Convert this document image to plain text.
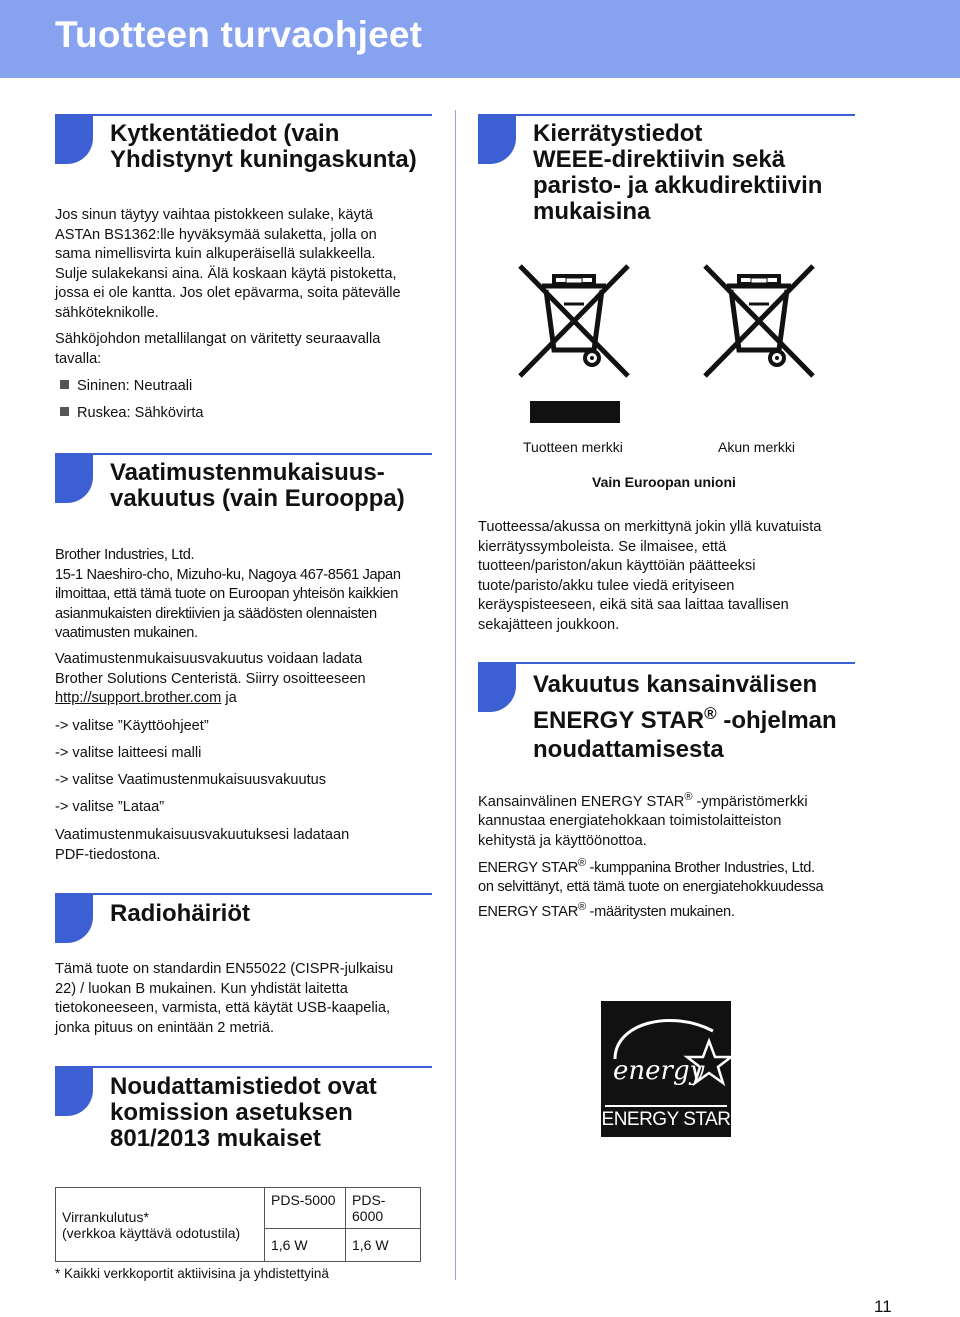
Tuotteen turvaohjeet
Kytkentätiedot (vain
Yhdistynyt kuningaskunta)
Jos sinun täytyy vaihtaa pistokkeen sulake, käytä
ASTAn BS1362:lle hyväksymää sulaketta, jolla on
sama nimellisvirta kuin alkuperäisellä sulakkeella.
Sulje sulakekansi aina. Älä koskaan käytä pistoketta,
jossa ei ole kantta. Jos olet epävarma, soita pätevälle
sähköteknikolle.
Sähköjohdon metallilangat on väritetty seuraavalla
tavalla:
Sininen: Neutraali
Ruskea: Sähkövirta
Vaatimustenmukaisuus-
vakuutus (vain Eurooppa)
Brother Industries, Ltd.
15-1 Naeshiro-cho, Mizuho-ku, Nagoya 467-8561 Japan
ilmoittaa, että tämä tuote on Euroopan yhteisön kaikkien
asianmukaisten direktiivien ja säädösten olennaisten
vaatimusten mukainen.
Vaatimustenmukaisuusvakuutus voidaan ladata
Brother Solutions Centeristä. Siirry osoitteeseen
http://support.brother.com ja
-> valitse ”Käyttöohjeet”
-> valitse laitteesi malli
-> valitse Vaatimustenmukaisuusvakuutus
-> valitse ”Lataa”
Vaatimustenmukaisuusvakuutuksesi ladataan
PDF-tiedostona.
Radiohäiriöt
Tämä tuote on standardin EN55022 (CISPR-julkaisu
22) / luokan B mukainen. Kun yhdistät laitetta
tietokoneeseen, varmista, että käytät USB-kaapelia,
jonka pituus on enintään 2 metriä.
Noudattamistiedot ovat
komission asetuksen
801/2013 mukaiset
Virrankulutus*
(verkkoa käyttävä odotustila)	PDS-5000	PDS-6000
	1,6 W	1,6 W
* Kaikki verkkoportit aktiivisina ja yhdistettyinä
Kierrätystiedot
WEEE-direktiivin sekä
paristo- ja akkudirektiivin
mukaisina
Tuotteen merkki	Akun merkki
Vain Euroopan unioni
Tuotteessa/akussa on merkittynä jokin yllä kuvatuista
kierrätyssymboleista. Se ilmaisee, että
tuotteen/pariston/akun käyttöiän päätteeksi
tuote/paristo/akku tulee viedä erityiseen
keräyspisteeseen, eikä sitä saa laittaa tavallisen
sekajätteen joukkoon.
Vakuutus kansainvälisen
ENERGY STAR® -ohjelman
noudattamisesta
Kansainvälinen ENERGY STAR® -ympäristömerkki
kannustaa energiatehokkaan toimistolaitteiston
kehitystä ja käyttöönottoa.
ENERGY STAR® -kumppanina Brother Industries, Ltd.
on selvittänyt, että tämä tuote on energiatehokkuudessa
ENERGY STAR® -määritysten mukainen.
energy
ENERGY STAR
11
